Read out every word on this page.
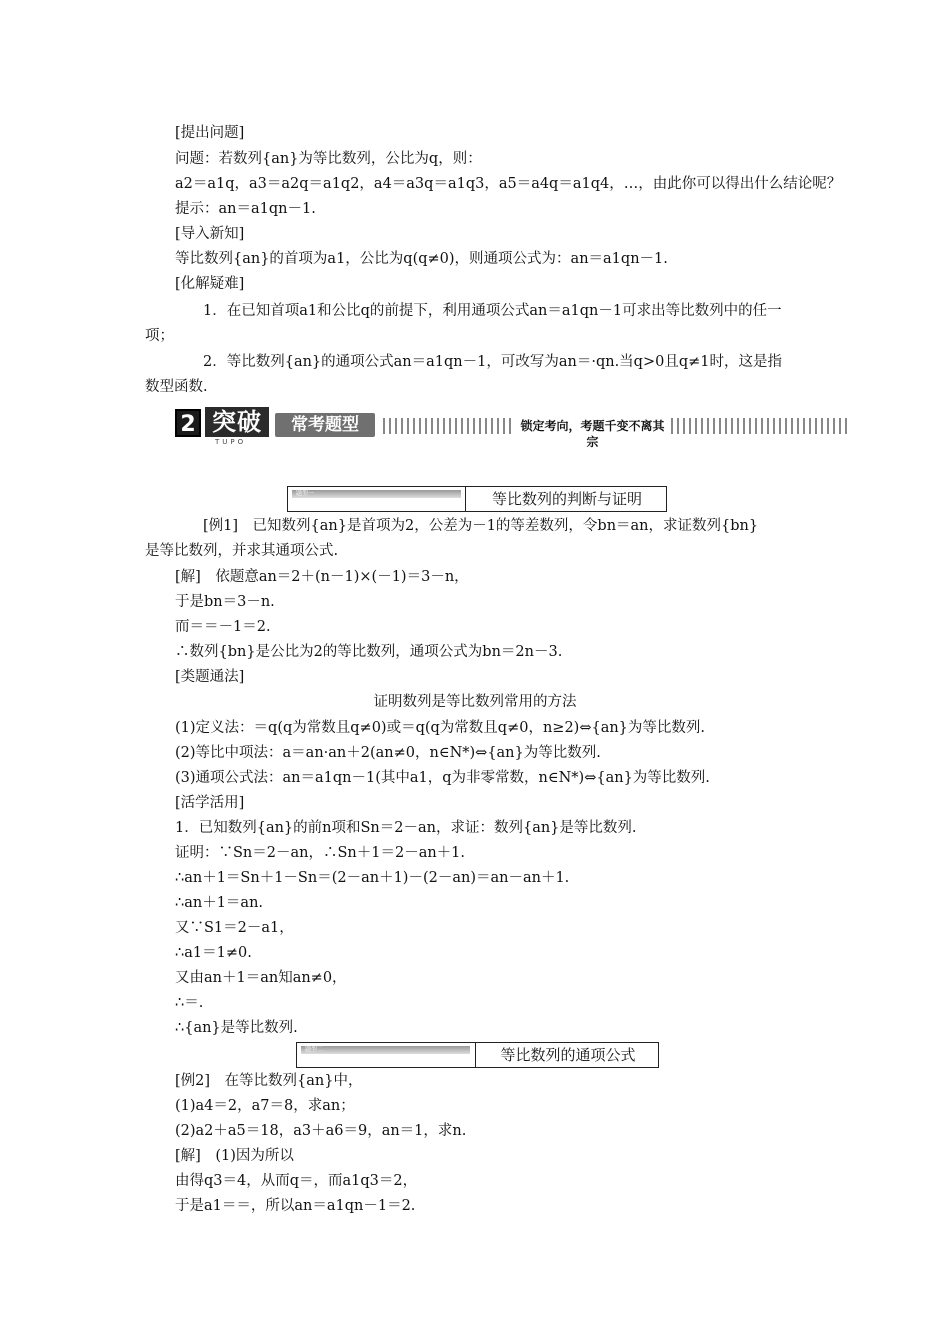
[提出问题]
问题：若数列{an}为等比数列，公比为q，则：
a2＝a1q，a3＝a2q＝a1q2，a4＝a3q＝a1q3，a5＝a4q＝a1q4，…，由此你可以得出什么结论呢？
提示：an＝a1qn－1.
[导入新知]
等比数列{an}的首项为a1，公比为q(q≠0)，则通项公式为：an＝a1qn－1.
[化解疑难]
1．在已知首项a1和公比q的前提下，利用通项公式an＝a1qn－1可求出等比数列中的任一
项；
2．等比数列{an}的通项公式an＝a1qn－1，可改写为an＝·qn.当q>0且q≠1时，这是指
数型函数.
2 突破
TUPO
常考题型	锁定考向，考题千变不离其宗
题型一	等比数列的判断与证明
[例1]　已知数列{an}是首项为2，公差为－1的等差数列，令bn＝an，求证数列{bn}
是等比数列，并求其通项公式.
[解]　依题意an＝2＋(n－1)×(－1)＝3－n，
于是bn＝3－n.
而＝＝－1＝2.
∴数列{bn}是公比为2的等比数列，通项公式为bn＝2n－3.
[类题通法]
证明数列是等比数列常用的方法
(1)定义法：＝q(q为常数且q≠0)或＝q(q为常数且q≠0，n≥2)⇔{an}为等比数列.
(2)等比中项法：a＝an·an＋2(an≠0，n∈N*)⇔{an}为等比数列.
(3)通项公式法：an＝a1qn－1(其中a1，q为非零常数，n∈N*)⇔{an}为等比数列.
[活学活用]
1．已知数列{an}的前n项和Sn＝2－an，求证：数列{an}是等比数列.
证明：∵Sn＝2－an，∴Sn＋1＝2－an＋1.
∴an＋1＝Sn＋1－Sn＝(2－an＋1)－(2－an)＝an－an＋1.
∴an＋1＝an.
又∵S1＝2－a1，
∴a1＝1≠0.
又由an＋1＝an知an≠0，
∴＝.
∴{an}是等比数列.
题型二	等比数列的通项公式
[例2]　在等比数列{an}中，
(1)a4＝2，a7＝8，求an；
(2)a2＋a5＝18，a3＋a6＝9，an＝1，求n.
[解]　(1)因为所以
由得q3＝4，从而q＝，而a1q3＝2，
于是a1＝＝，所以an＝a1qn－1＝2.
